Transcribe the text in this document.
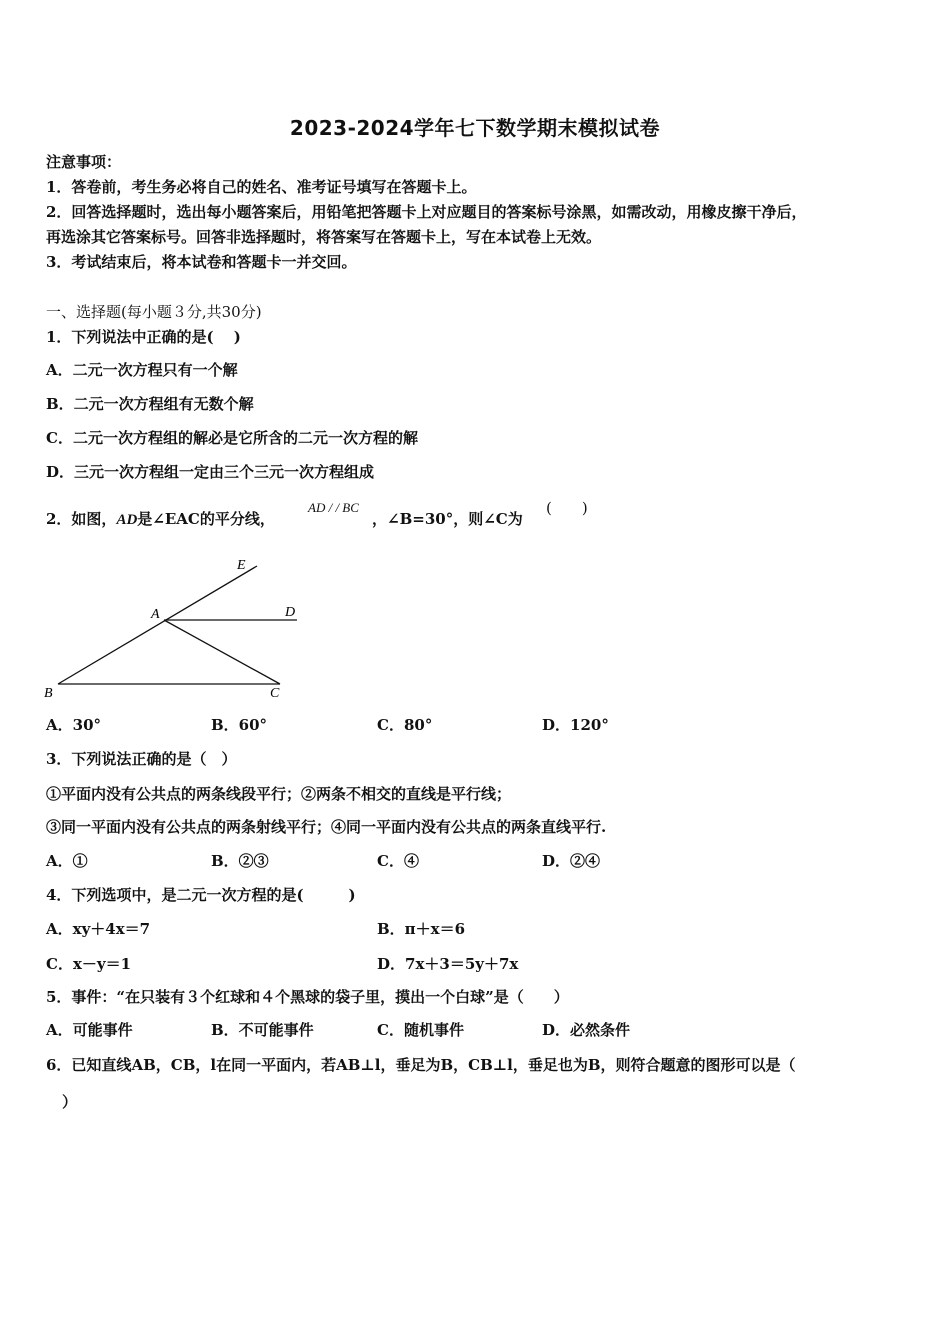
2023-2024学年七下数学期末模拟试卷
注意事项：
1．答卷前，考生务必将自己的姓名、准考证号填写在答题卡上。
2．回答选择题时，选出每小题答案后，用铅笔把答题卡上对应题目的答案标号涂黑，如需改动，用橡皮擦干净后，
再选涂其它答案标号。回答非选择题时，将答案写在答题卡上，写在本试卷上无效。
3．考试结束后，将本试卷和答题卡一并交回。
一、选择题(每小题３分,共30分)
1．下列说法中正确的是(　 )
A．二元一次方程只有一个解
B．二元一次方程组有无数个解
C．二元一次方程组的解必是它所含的二元一次方程的解
D．三元一次方程组一定由三个三元一次方程组成
2．如图，AD是∠EAC的平分线，
AD / / BC
，∠B=30°，则∠C为
(　　)
E
A	D
B	C
A．30°	B．60°	C．80°	D．120°
3．下列说法正确的是（　）
①平面内没有公共点的两条线段平行；②两条不相交的直线是平行线；
③同一平面内没有公共点的两条射线平行；④同一平面内没有公共点的两条直线平行.
A．①	B．②③	C．④	D．②④
4．下列选项中，是二元一次方程的是(　　　)
A．xy＋4x＝7	B．π＋x＝6
C．x－y＝1	D．7x＋3＝5y＋7x
5．事件：“在只装有３个红球和４个黑球的袋子里，摸出一个白球”是（　　）
A．可能事件	B．不可能事件	C．随机事件	D．必然条件
6．已知直线AB，CB，l在同一平面内，若AB⊥l，垂足为B，CB⊥l，垂足也为B，则符合题意的图形可以是（
）
